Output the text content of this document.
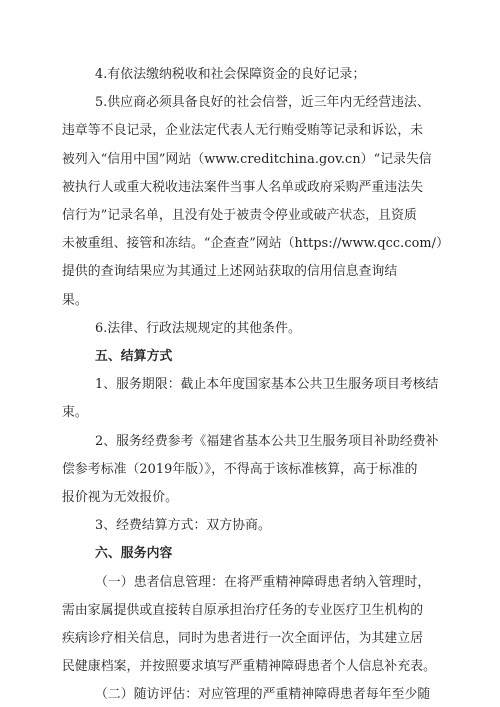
4.有依法缴纳税收和社会保障资金的良好记录；
5.供应商必须具备良好的社会信誉，近三年内无经营违法、
违章等不良记录，企业法定代表人无行贿受贿等记录和诉讼，未
被列入“信用中国”网站（www.creditchina.gov.cn）“记录失信
被执行人或重大税收违法案件当事人名单或政府采购严重违法失
信行为”记录名单，且没有处于被责令停业或破产状态，且资质
未被重组、接管和冻结。“企查查”网站（https://www.qcc.com/）
提供的查询结果应为其通过上述网站获取的信用信息查询结
果。
6.法律、行政法规规定的其他条件。
五、结算方式
1、服务期限：截止本年度国家基本公共卫生服务项目考核结
束。
2、服务经费参考《福建省基本公共卫生服务项目补助经费补
偿参考标准（2019年版）》，不得高于该标准核算，高于标准的
报价视为无效报价。
3、经费结算方式：双方协商。
六、服务内容
（一）患者信息管理：在将严重精神障碍患者纳入管理时，
需由家属提供或直接转自原承担治疗任务的专业医疗卫生机构的
疾病诊疗相关信息，同时为患者进行一次全面评估，为其建立居
民健康档案，并按照要求填写严重精神障碍患者个人信息补充表。
（二）随访评估：对应管理的严重精神障碍患者每年至少随
